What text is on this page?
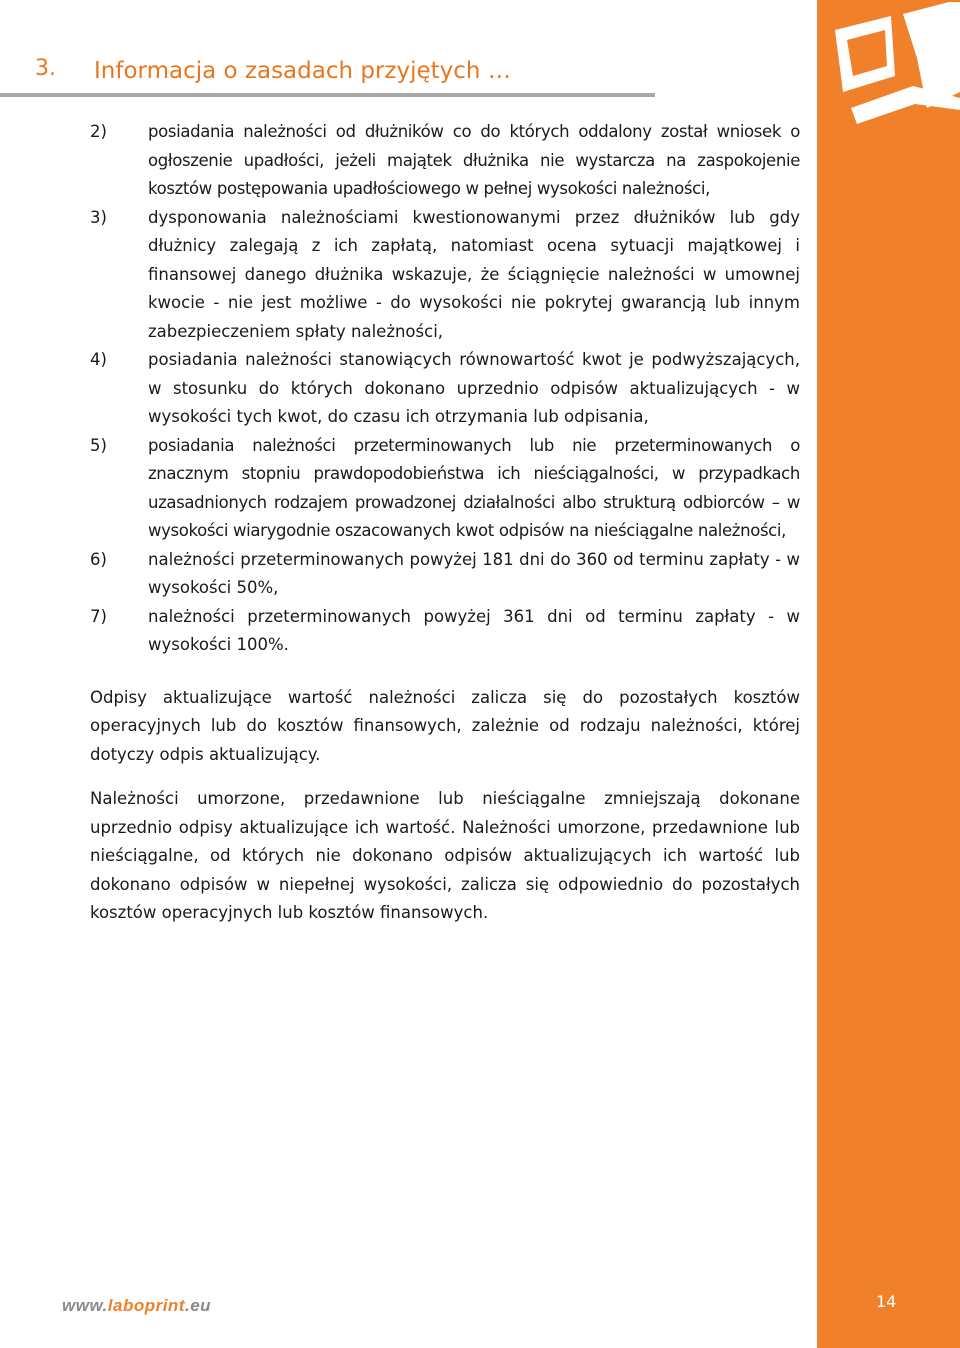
3. Informacja o zasadach przyjętych …
2)	posiadania należności od dłużników co do których oddalony został wniosek o ogłoszenie upadłości, jeżeli majątek dłużnika nie wystarcza na zaspokojenie kosztów postępowania upadłościowego w pełnej wysokości należności,
3)	dysponowania należnościami kwestionowanymi przez dłużników lub gdy dłużnicy zalegają z ich zapłatą, natomiast ocena sytuacji majątkowej i finansowej danego dłużnika wskazuje, że ściągnięcie należności w umownej kwocie - nie jest możliwe - do wysokości nie pokrytej gwarancją lub innym zabezpieczeniem spłaty należności,
4)	posiadania należności stanowiących równowartość kwot je podwyższających, w stosunku do których dokonano uprzednio odpisów aktualizujących - w wysokości tych kwot, do czasu ich otrzymania lub odpisania,
5)	posiadania należności przeterminowanych lub nie przeterminowanych o znacznym stopniu prawdopodobieństwa ich nieściągalności, w przypadkach uzasadnionych rodzajem prowadzonej działalności albo strukturą odbiorców – w wysokości wiarygodnie oszacowanych kwot odpisów na nieściągalne należności,
6)	należności przeterminowanych powyżej 181 dni do 360 od terminu zapłaty - w wysokości 50%,
7)	należności przeterminowanych powyżej 361 dni od terminu zapłaty - w wysokości 100%.

Odpisy aktualizujące wartość należności zalicza się do pozostałych kosztów operacyjnych lub do kosztów finansowych, zależnie od rodzaju należności, której dotyczy odpis aktualizujący.

Należności umorzone, przedawnione lub nieściągalne zmniejszają dokonane uprzednio odpisy aktualizujące ich wartość. Należności umorzone, przedawnione lub nieściągalne, od których nie dokonano odpisów aktualizujących ich wartość lub dokonano odpisów w niepełnej wysokości, zalicza się odpowiednio do pozostałych kosztów operacyjnych lub kosztów finansowych.

www.laboprint.eu	14
